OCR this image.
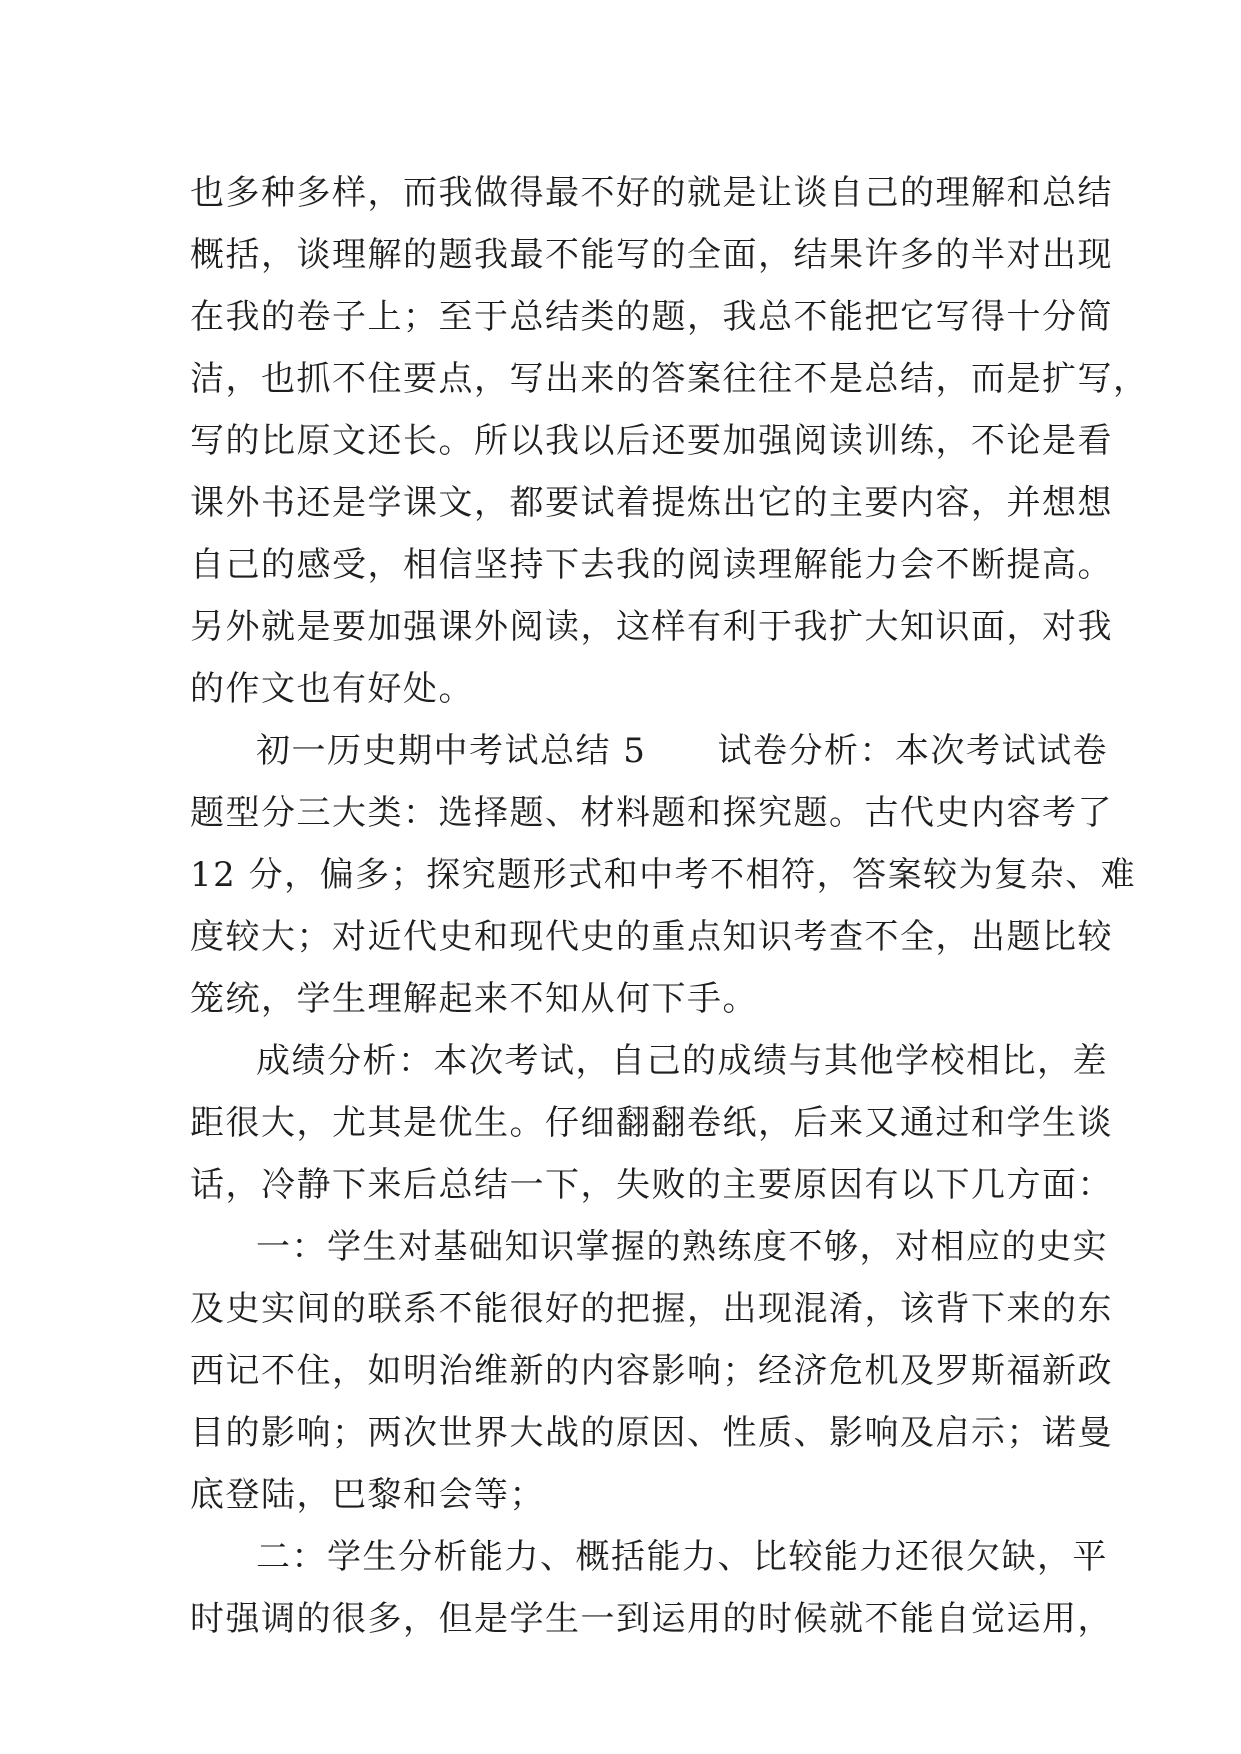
也多种多样，而我做得最不好的就是让谈自己的理解和总结
概括，谈理解的题我最不能写的全面，结果许多的半对出现
在我的卷子上；至于总结类的题，我总不能把它写得十分简
洁，也抓不住要点，写出来的答案往往不是总结，而是扩写，
写的比原文还长。所以我以后还要加强阅读训练，不论是看
课外书还是学课文，都要试着提炼出它的主要内容，并想想
自己的感受，相信坚持下去我的阅读理解能力会不断提高。
另外就是要加强课外阅读，这样有利于我扩大知识面，对我
的作文也有好处。
初一历史期中考试总结 5　　试卷分析：本次考试试卷
题型分三大类：选择题、材料题和探究题。古代史内容考了
12 分，偏多；探究题形式和中考不相符，答案较为复杂、难
度较大；对近代史和现代史的重点知识考查不全，出题比较
笼统，学生理解起来不知从何下手。
成绩分析：本次考试，自己的成绩与其他学校相比，差
距很大，尤其是优生。仔细翻翻卷纸，后来又通过和学生谈
话，冷静下来后总结一下，失败的主要原因有以下几方面：
一：学生对基础知识掌握的熟练度不够，对相应的史实
及史实间的联系不能很好的把握，出现混淆，该背下来的东
西记不住，如明治维新的内容影响；经济危机及罗斯福新政
目的影响；两次世界大战的原因、性质、影响及启示；诺曼
底登陆，巴黎和会等；
二：学生分析能力、概括能力、比较能力还很欠缺，平
时强调的很多，但是学生一到运用的时候就不能自觉运用，
